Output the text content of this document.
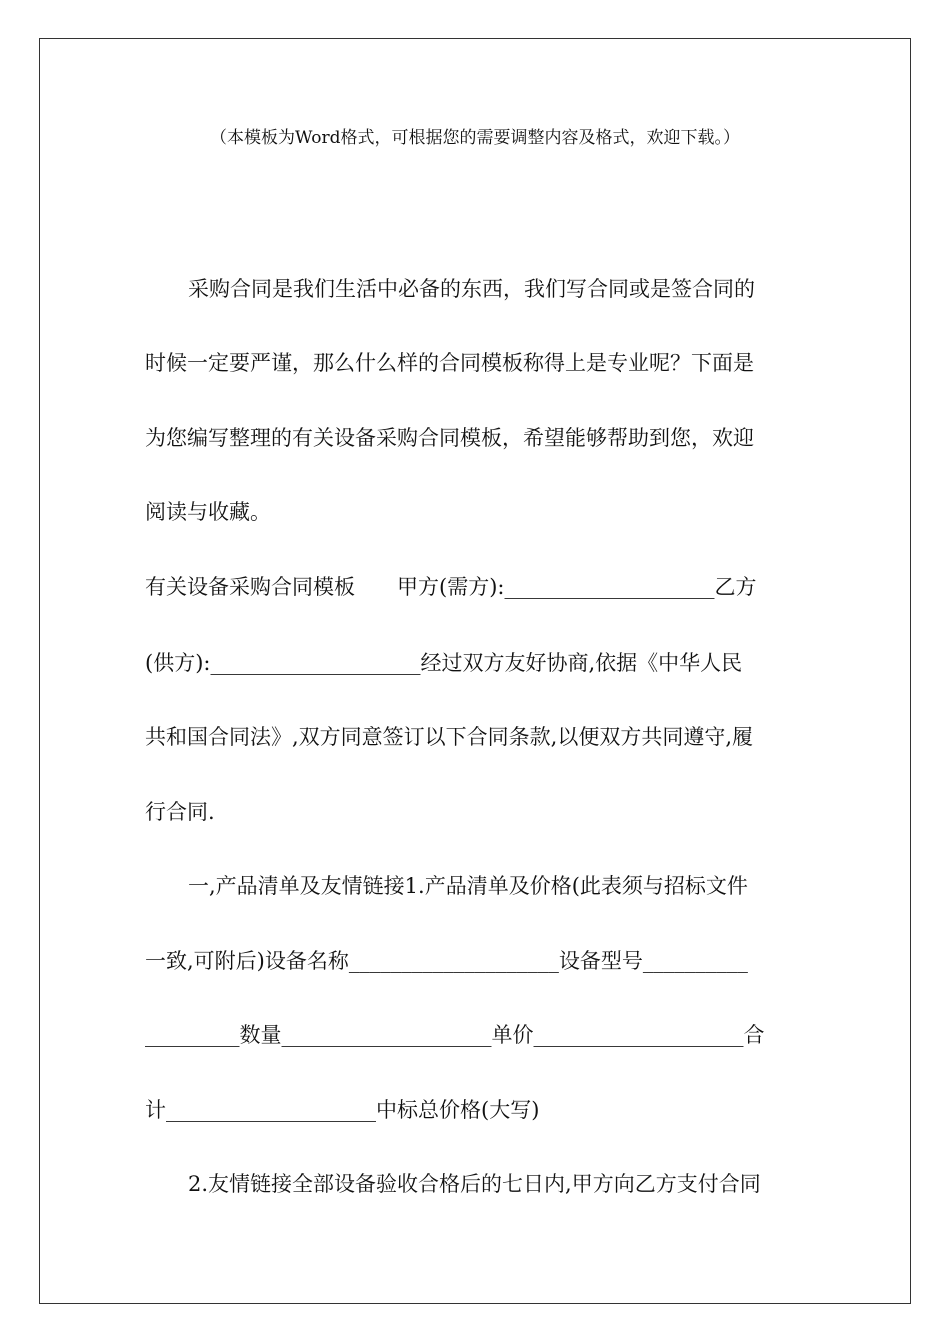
（本模板为Word格式，可根据您的需要调整内容及格式，欢迎下载。）
采购合同是我们生活中必备的东西，我们写合同或是签合同的
时候一定要严谨，那么什么样的合同模板称得上是专业呢？下面是
为您编写整理的有关设备采购合同模板，希望能够帮助到您，欢迎
阅读与收藏。
有关设备采购合同模板　　甲方(需方):____________________乙方
(供方):____________________经过双方友好协商,依据《中华人民
共和国合同法》,双方同意签订以下合同条款,以便双方共同遵守,履
行合同.
一,产品清单及友情链接1.产品清单及价格(此表须与招标文件
一致,可附后)设备名称____________________设备型号__________
_________数量____________________单价____________________合
计____________________中标总价格(大写)
2.友情链接全部设备验收合格后的七日内,甲方向乙方支付合同
